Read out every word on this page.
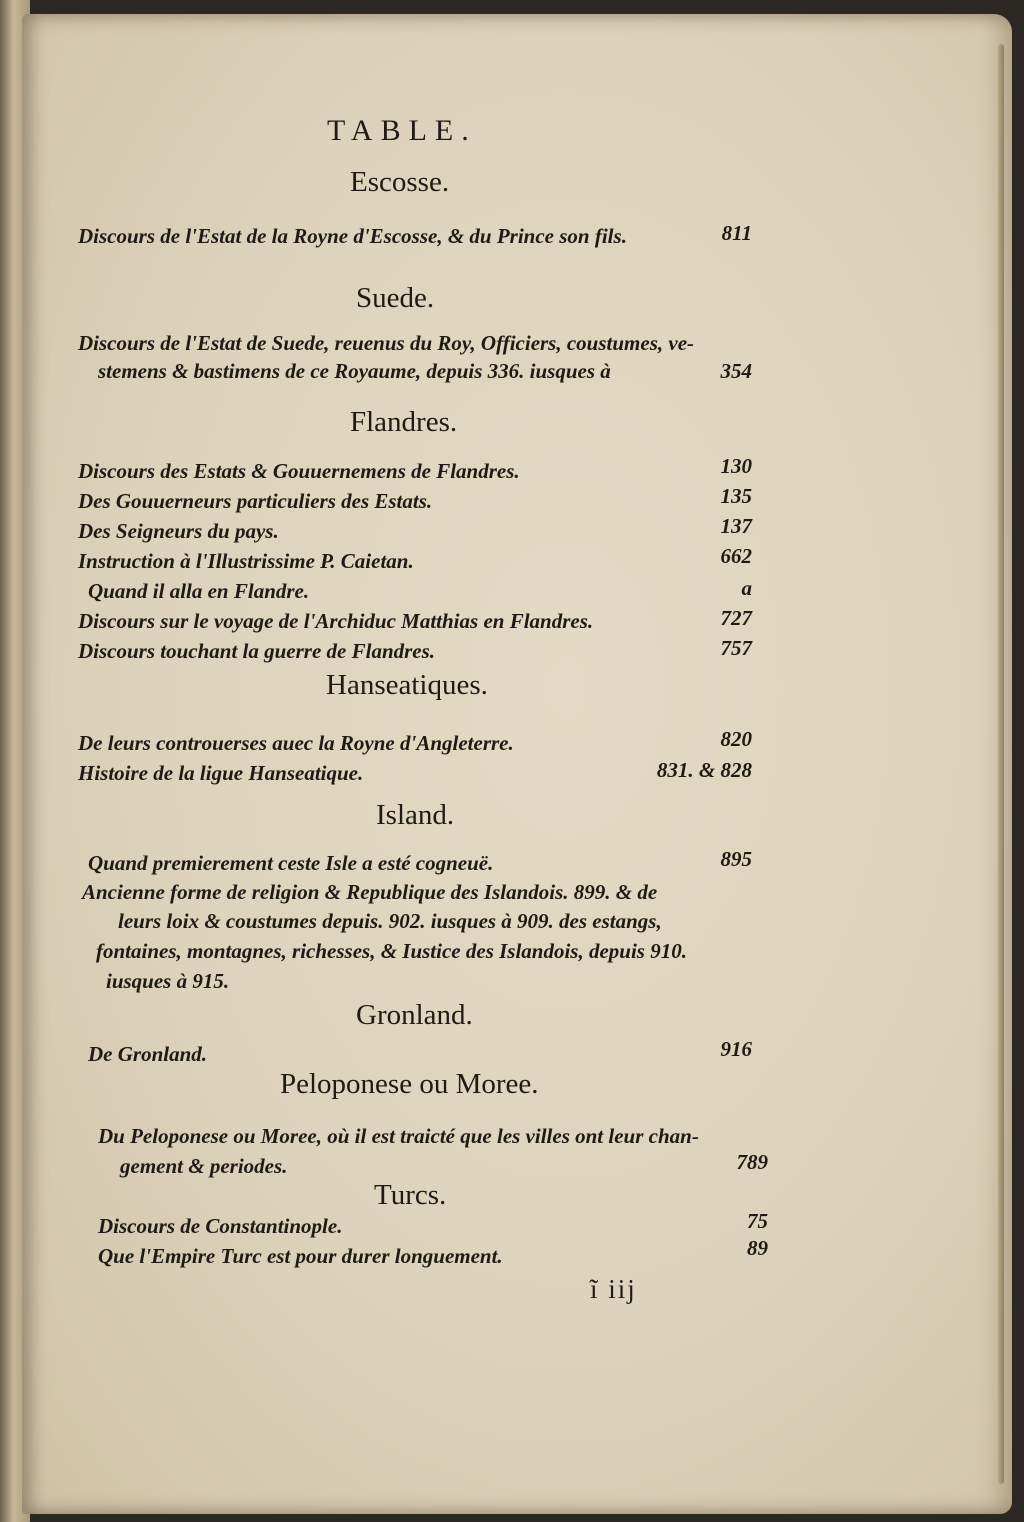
TABLE.
Escosse.
Discours de l'Estat de la Royne d'Escosse, & du Prince son fils.	811
Suede.
Discours de l'Estat de Suede, reuenus du Roy, Officiers, coustumes, ve-
stemens & bastimens de ce Royaume, depuis 336. iusques à	354
Flandres.
Discours des Estats & Gouuernemens de Flandres.	130
Des Gouuerneurs particuliers des Estats.	135
Des Seigneurs du pays.	137
Instruction à l'Illustrissime P. Caietan.	662
Quand il alla en Flandre.	a
Discours sur le voyage de l'Archiduc Matthias en Flandres.	727
Discours touchant la guerre de Flandres.	757
Hanseatiques.
De leurs controuerses auec la Royne d'Angleterre.	820
Histoire de la ligue Hanseatique.	831. & 828
Island.
Quand premierement ceste Isle a esté cogneuë.	895
Ancienne forme de religion & Republique des Islandois. 899. & de
leurs loix & coustumes depuis. 902. iusques à 909. des estangs,
fontaines, montagnes, richesses, & Iustice des Islandois, depuis 910.
iusques à 915.
Gronland.
De Gronland.	916
Peloponese ou Moree.
Du Peloponese ou Moree, où il est traicté que les villes ont leur chan-
gement & periodes.	789
Turcs.
Discours de Constantinople.	75
Que l'Empire Turc est pour durer longuement.	89
ĩ iij
